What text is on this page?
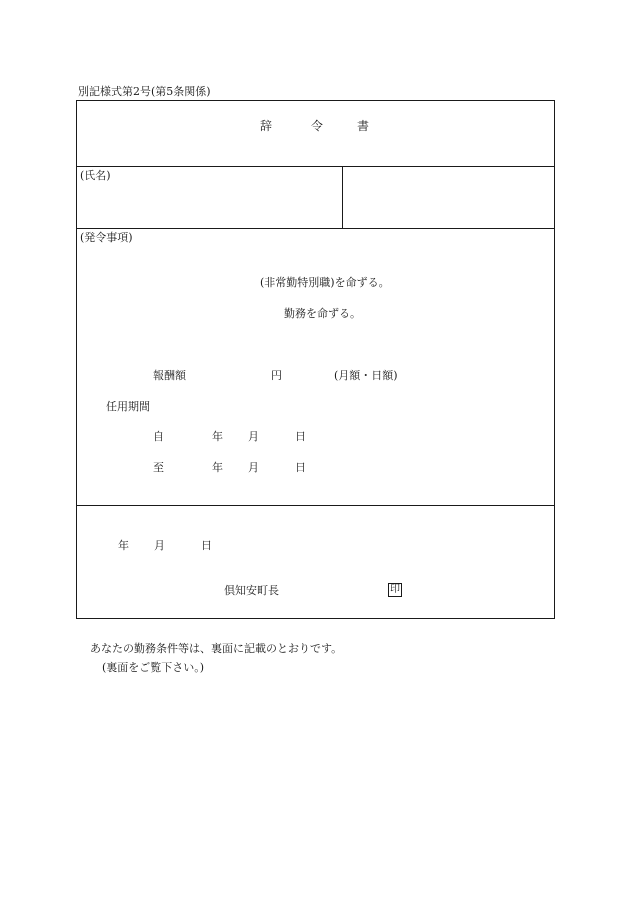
別記様式第2号(第5条関係)
辞	令	書
(氏名)
(発令事項)
(非常勤特別職)を命ずる。
勤務を命ずる。
報酬額	円	(月額・日額)
任用期間
自	年 月	日
至	年 月	日
年 月	日
倶知安町長	印
あなたの勤務条件等は、裏面に記載のとおりです。
(裏面をご覧下さい。)
